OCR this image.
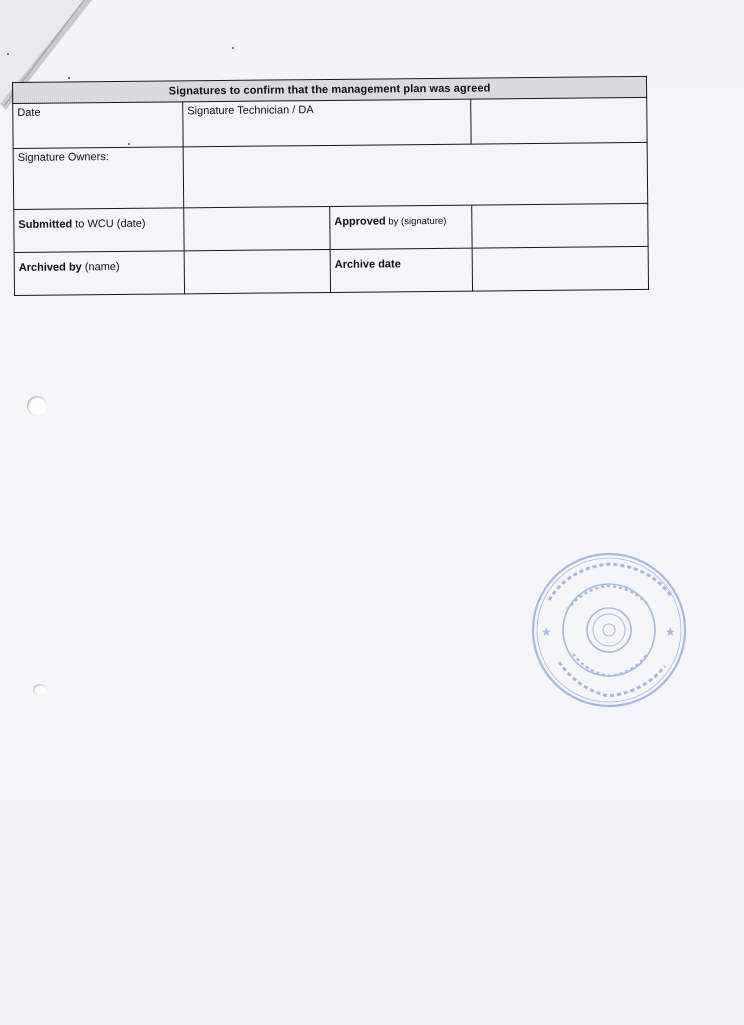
Signatures to confirm that the management plan was agreed			
Date	Signature Technician / DA		
Signature Owners:			
Submitted to WCU (date)		Approved by (signature)	
Archived by (name)		Archive date	
★	★
